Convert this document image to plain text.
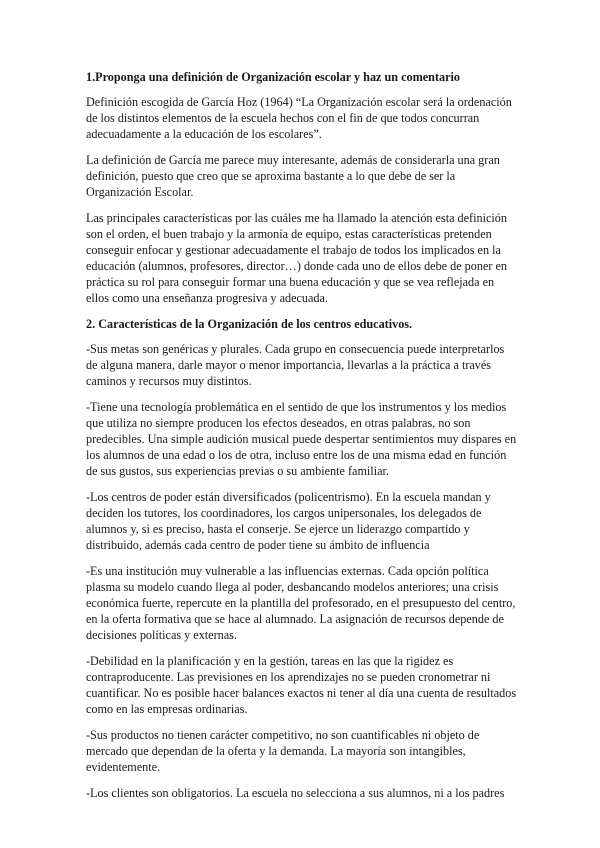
1.Proponga una definición de Organización escolar y haz un comentario
Definición escogida de García Hoz (1964) “La Organización escolar será la ordenación
de los distintos elementos de la escuela hechos con el fin de que todos concurran
adecuadamente a la educación de los escolares”.
La definición de García me parece muy interesante, además de considerarla una gran
definición, puesto que creo que se aproxima bastante a lo que debe de ser la
Organización Escolar.
Las principales características por las cuáles me ha llamado la atención esta definición
son el orden, el buen trabajo y la armonía de equipo, estas características pretenden
conseguir enfocar y gestionar adecuadamente el trabajo de todos los implicados en la
educación (alumnos, profesores, director…) donde cada uno de ellos debe de poner en
práctica su rol para conseguir formar una buena educación y que se vea reflejada en
ellos como una enseñanza progresiva y adecuada.
2. Características de la Organización de los centros educativos.
-Sus metas son genéricas y plurales. Cada grupo en consecuencia puede interpretarlos
de alguna manera, darle mayor o menor importancia, llevarlas a la práctica a través
caminos y recursos muy distintos.
-Tiene una tecnología problemática en el sentido de que los instrumentos y los medios
que utiliza no siempre producen los efectos deseados, en otras palabras, no son
predecibles. Una simple audición musical puede despertar sentimientos muy dispares en
los alumnos de una edad o los de otra, incluso entre los de una misma edad en función
de sus gustos, sus experiencias previas o su ambiente familiar.
-Los centros de poder están diversificados (policentrismo). En la escuela mandan y
deciden los tutores, los coordinadores, los cargos unipersonales, los delegados de
alumnos y, si es preciso, hasta el conserje. Se ejerce un liderazgo compartido y
distribuido, además cada centro de poder tiene su ámbito de influencia
-Es una institución muy vulnerable a las influencias externas. Cada opción política
plasma su modelo cuando llega al poder, desbancando modelos anteriores; una crisis
económica fuerte, repercute en la plantilla del profesorado, en el presupuesto del centro,
en la oferta formativa que se hace al alumnado. La asignación de recursos depende de
decisiones políticas y externas.
-Debilidad en la planificación y en la gestión, tareas en las que la rigidez es
contraproducente. Las previsiones en los aprendizajes no se pueden cronometrar ni
cuantificar. No es posible hacer balances exactos ni tener al día una cuenta de resultados
como en las empresas ordinarias.
-Sus productos no tienen carácter competitivo, no son cuantificables ni objeto de
mercado que dependan de la oferta y la demanda. La mayoría son intangibles,
evidentemente.
-Los clientes son obligatorios. La escuela no selecciona a sus alumnos, ni a los padres
